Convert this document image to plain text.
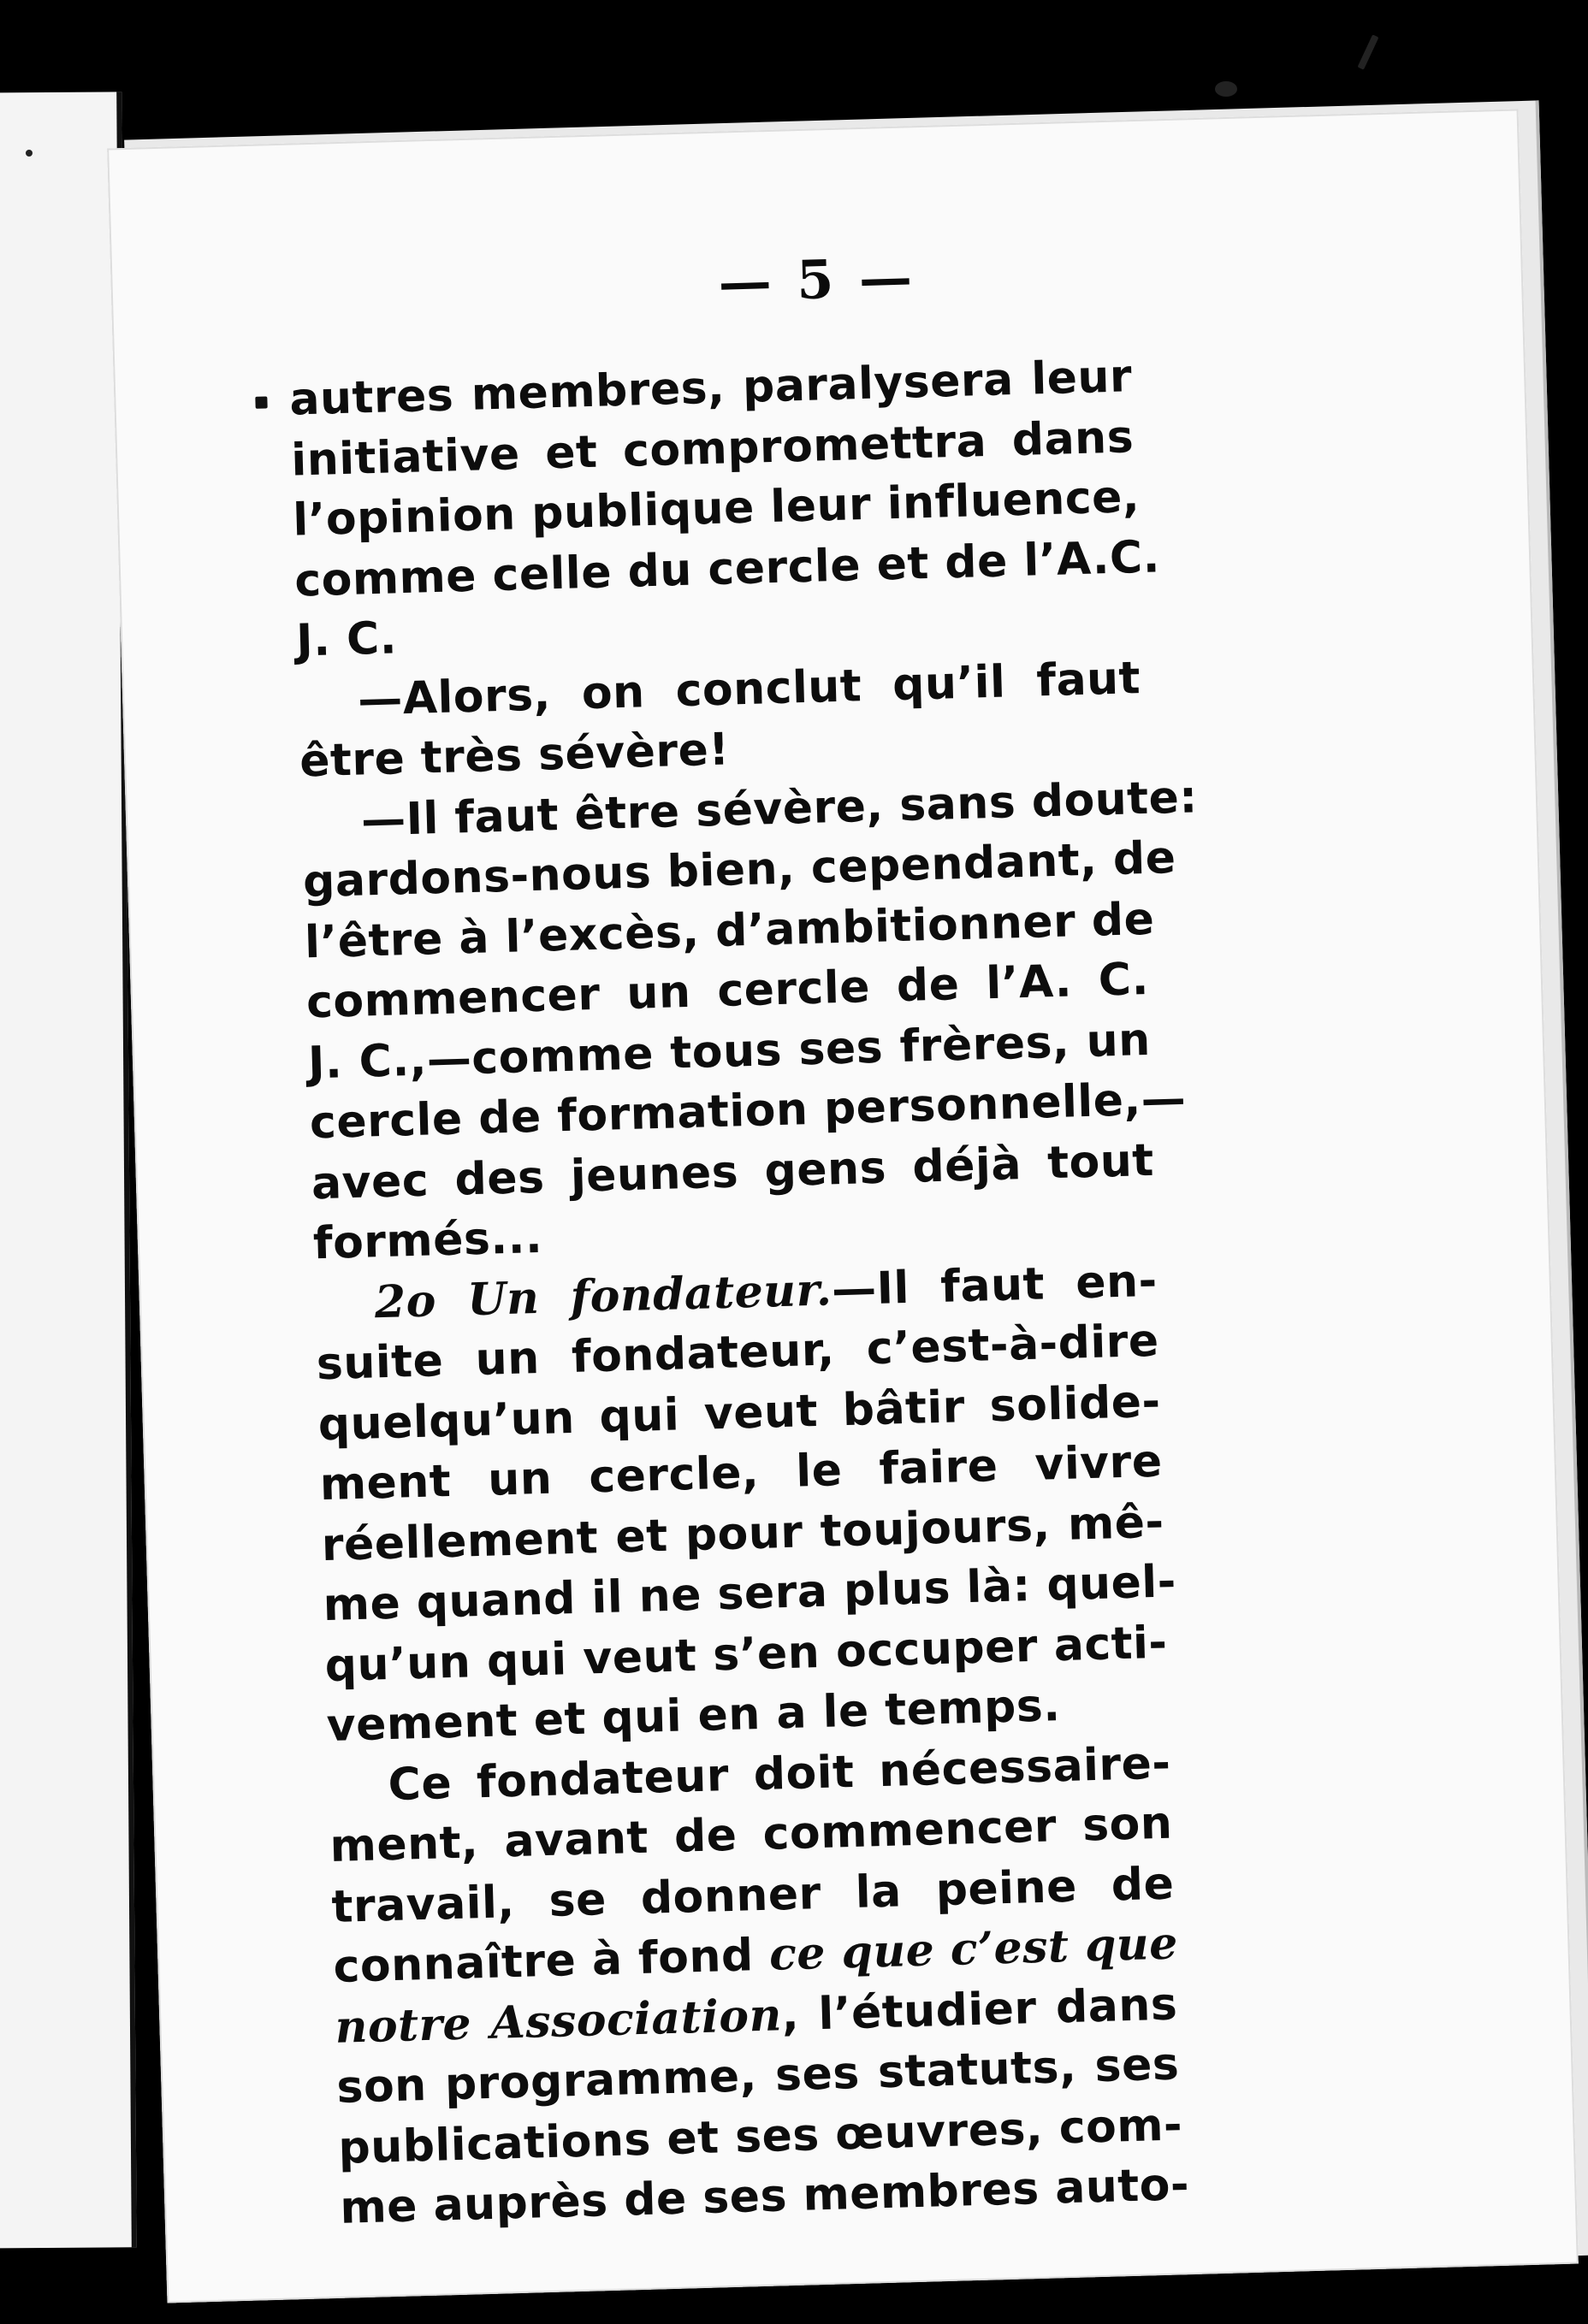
— 5 —
autres membres, paralysera leur
initiative et compromettra dans
l’opinion publique leur influence,
comme celle du cercle et de l’A.C.
J. C.
—Alors, on conclut qu’il faut
être très sévère!
—Il faut être sévère, sans doute:
gardons-nous bien, cependant, de
l’être à l’excès, d’ambitionner de
commencer un cercle de l’A. C.
J. C.,—comme tous ses frères, un
cercle de formation personnelle,—
avec des jeunes gens déjà tout
formés...
2o Un fondateur.—Il faut en-
suite un fondateur, c’est-à-dire
quelqu’un qui veut bâtir solide-
ment un cercle, le faire vivre
réellement et pour toujours, mê-
me quand il ne sera plus là: quel-
qu’un qui veut s’en occuper acti-
vement et qui en a le temps.
Ce fondateur doit nécessaire-
ment, avant de commencer son
travail, se donner la peine de
connaître à fond ce que c’est que
notre Association, l’étudier dans
son programme, ses statuts, ses
publications et ses œuvres, com-
me auprès de ses membres auto-
